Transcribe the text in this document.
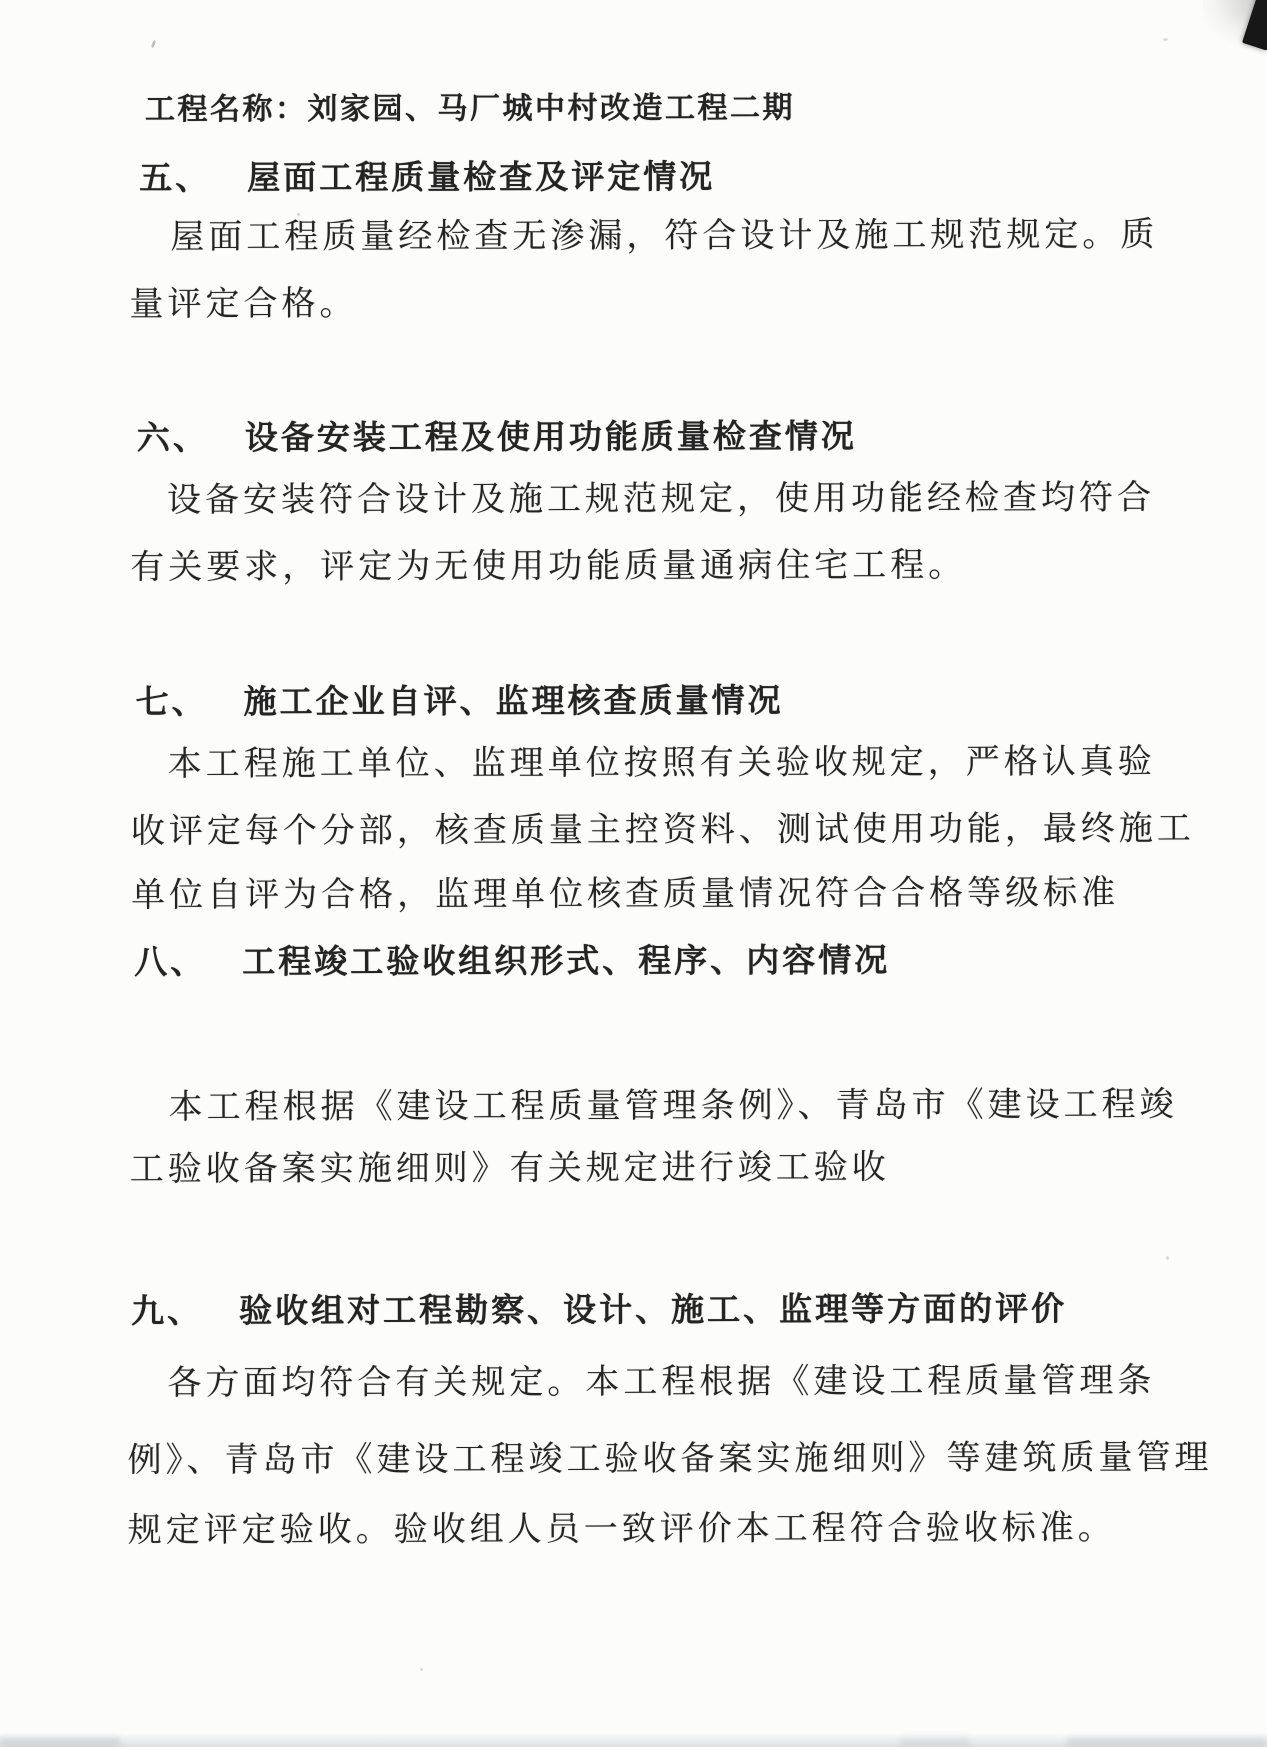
工程名称：刘家园、马厂城中村改造工程二期
五、 屋面工程质量检查及评定情况
屋面工程质量经检查无渗漏，符合设计及施工规范规定。质
量评定合格。
六、 设备安装工程及使用功能质量检查情况
设备安装符合设计及施工规范规定，使用功能经检查均符合
有关要求，评定为无使用功能质量通病住宅工程。
七、 施工企业自评、监理核查质量情况
本工程施工单位、监理单位按照有关验收规定，严格认真验
收评定每个分部，核查质量主控资料、测试使用功能，最终施工
单位自评为合格，监理单位核查质量情况符合合格等级标准
八、 工程竣工验收组织形式、程序、内容情况
本工程根据《建设工程质量管理条例》、青岛市《建设工程竣
工验收备案实施细则》有关规定进行竣工验收
九、 验收组对工程勘察、设计、施工、监理等方面的评价
各方面均符合有关规定。本工程根据《建设工程质量管理条
例》、青岛市《建设工程竣工验收备案实施细则》等建筑质量管理
规定评定验收。验收组人员一致评价本工程符合验收标准。
